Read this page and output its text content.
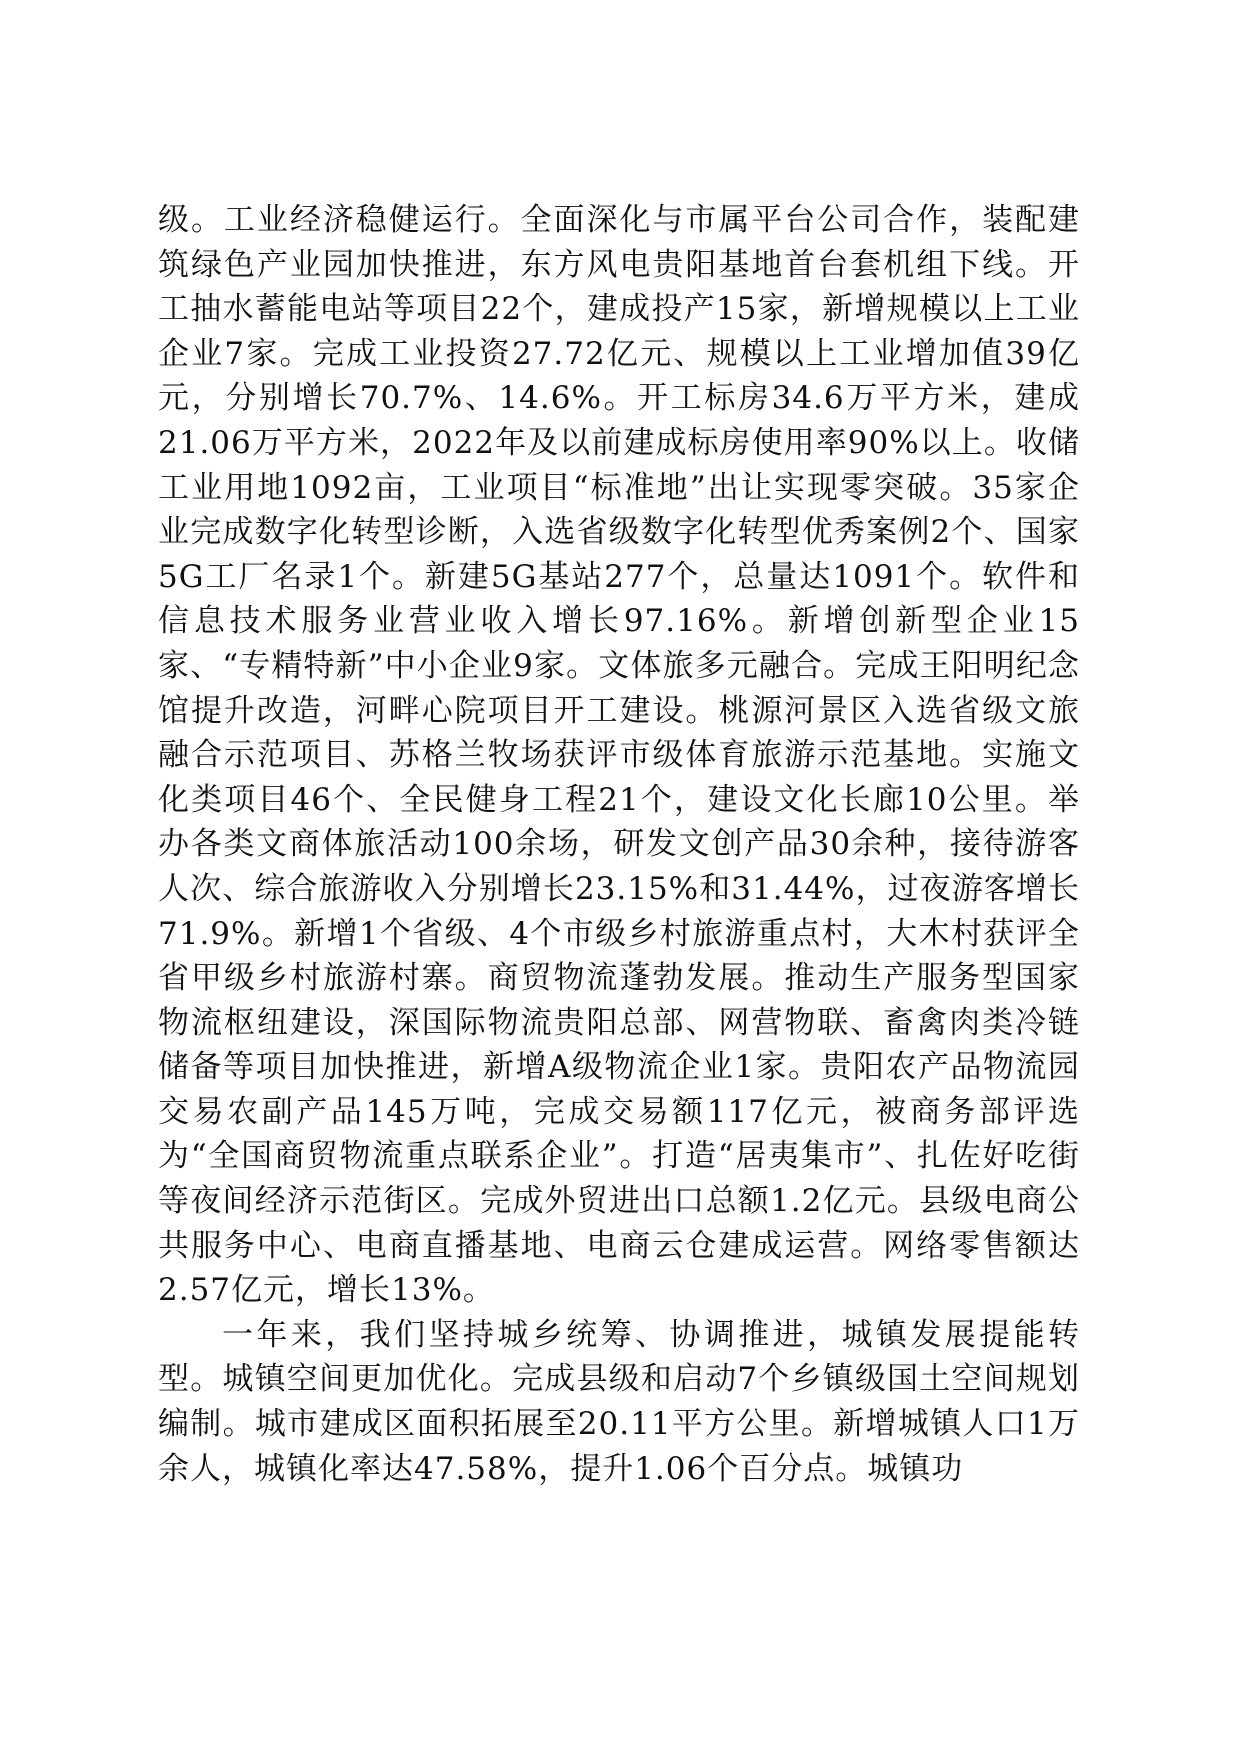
级。工业经济稳健运行。全面深化与市属平台公司合作，装配建筑绿色产业园加快推进，东方风电贵阳基地首台套机组下线。开工抽水蓄能电站等项目22个，建成投产15家，新增规模以上工业企业7家。完成工业投资27.72亿元、规模以上工业增加值39亿元，分别增长70.7%、14.6%。开工标房34.6万平方米，建成21.06万平方米，2022年及以前建成标房使用率90%以上。收储工业用地1092亩，工业项目“标准地”出让实现零突破。35家企业完成数字化转型诊断，入选省级数字化转型优秀案例2个、国家5G工厂名录1个。新建5G基站277个，总量达1091个。软件和信息技术服务业营业收入增长97.16%。新增创新型企业15家、“专精特新”中小企业9家。文体旅多元融合。完成王阳明纪念馆提升改造，河畔心院项目开工建设。桃源河景区入选省级文旅融合示范项目、苏格兰牧场获评市级体育旅游示范基地。实施文化类项目46个、全民健身工程21个，建设文化长廊10公里。举办各类文商体旅活动100余场，研发文创产品30余种，接待游客人次、综合旅游收入分别增长23.15%和31.44%，过夜游客增长71.9%。新增1个省级、4个市级乡村旅游重点村，大木村获评全省甲级乡村旅游村寨。商贸物流蓬勃发展。推动生产服务型国家物流枢纽建设，深国际物流贵阳总部、网营物联、畜禽肉类冷链储备等项目加快推进，新增A级物流企业1家。贵阳农产品物流园交易农副产品145万吨，完成交易额117亿元，被商务部评选为“全国商贸物流重点联系企业”。打造“居夷集市”、扎佐好吃街等夜间经济示范街区。完成外贸进出口总额1.2亿元。县级电商公共服务中心、电商直播基地、电商云仓建成运营。网络零售额达2.57亿元，增长13%。

一年来，我们坚持城乡统筹、协调推进，城镇发展提能转型。城镇空间更加优化。完成县级和启动7个乡镇级国土空间规划编制。城市建成区面积拓展至20.11平方公里。新增城镇人口1万余人，城镇化率达47.58%，提升1.06个百分点。城镇功
